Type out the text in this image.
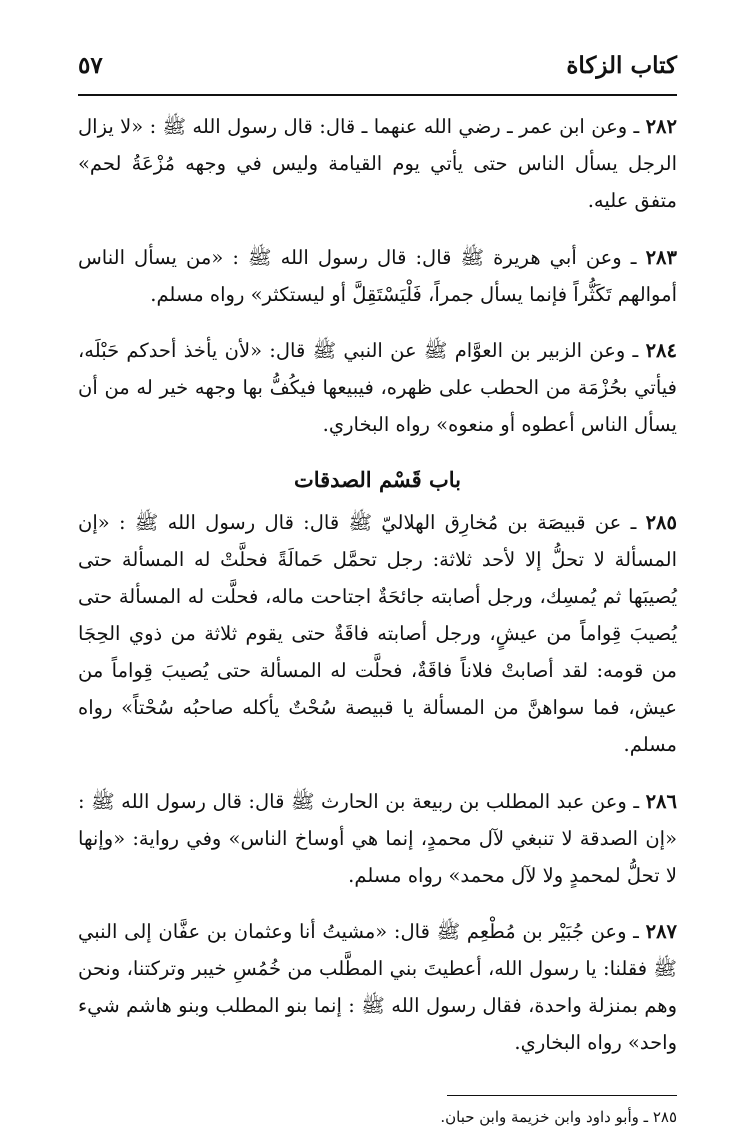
كتاب الزكاة
٥٧

٢٨٢ ـ وعن ابن عمر ـ رضي الله عنهما ـ قال: قال رسول الله ﷺ : «لا يزال الرجل يسأل الناس حتى يأتي يوم القيامة وليس في وجهه مُزْعَةُ لحم» متفق عليه.

٢٨٣ ـ وعن أبي هريرة ﷺ قال: قال رسول الله ﷺ : «من يسأل الناس أموالهم تَكَثُّراً فإنما يسأل جمراً، فَلْيَسْتَقِلَّ أو ليستكثر» رواه مسلم.

٢٨٤ ـ وعن الزبير بن العوَّام ﷺ عن النبي ﷺ قال: «لأن يأخذ أحدكم حَبْلَه، فيأتي بحُزْمَة من الحطب على ظهره، فيبيعها فيكُفُّ بها وجهه خير له من أن يسأل الناس أعطوه أو منعوه» رواه البخاري.

باب قَسْم الصدقات

٢٨٥ ـ عن قبيصَة بن مُخارِق الهلاليّ ﷺ قال: قال رسول الله ﷺ : «إن المسألة لا تحلُّ إلا لأحد ثلاثة: رجل تحمَّل حَمالَةً فحلَّتْ له المسألة حتى يُصيبَها ثم يُمسِك، ورجل أصابته جائحَةٌ اجتاحت ماله، فحلَّت له المسألة حتى يُصيبَ قِواماً من عيشٍ، ورجل أصابته فاقَةٌ حتى يقوم ثلاثة من ذوي الحِجَا من قومه: لقد أصابتْ فلاناً فاقَةٌ، فحلَّت له المسألة حتى يُصيبَ قِواماً من عيش، فما سواهنَّ من المسألة يا قبيصة سُحْتٌ يأكله صاحبُه سُحْتاً» رواه مسلم.

٢٨٦ ـ وعن عبد المطلب بن ربيعة بن الحارث ﷺ قال: قال رسول الله ﷺ : «إن الصدقة لا تنبغي لآل محمدٍ، إنما هي أوساخ الناس» وفي رواية: «وإنها لا تحلُّ لمحمدٍ ولا لآل محمد» رواه مسلم.

٢٨٧ ـ وعن جُبَيْر بن مُطْعِم ﷺ قال: «مشيتُ أنا وعثمان بن عفَّان إلى النبي ﷺ فقلنا: يا رسول الله، أعطيتَ بني المطَّلب من خُمُسِ خيبر وتركتنا، ونحن وهم بمنزلة واحدة، فقال رسول الله ﷺ : إنما بنو المطلب وبنو هاشم شيء واحد» رواه البخاري.

٢٨٥ ـ وأبو داود وابن خزيمة وابن حبان.
